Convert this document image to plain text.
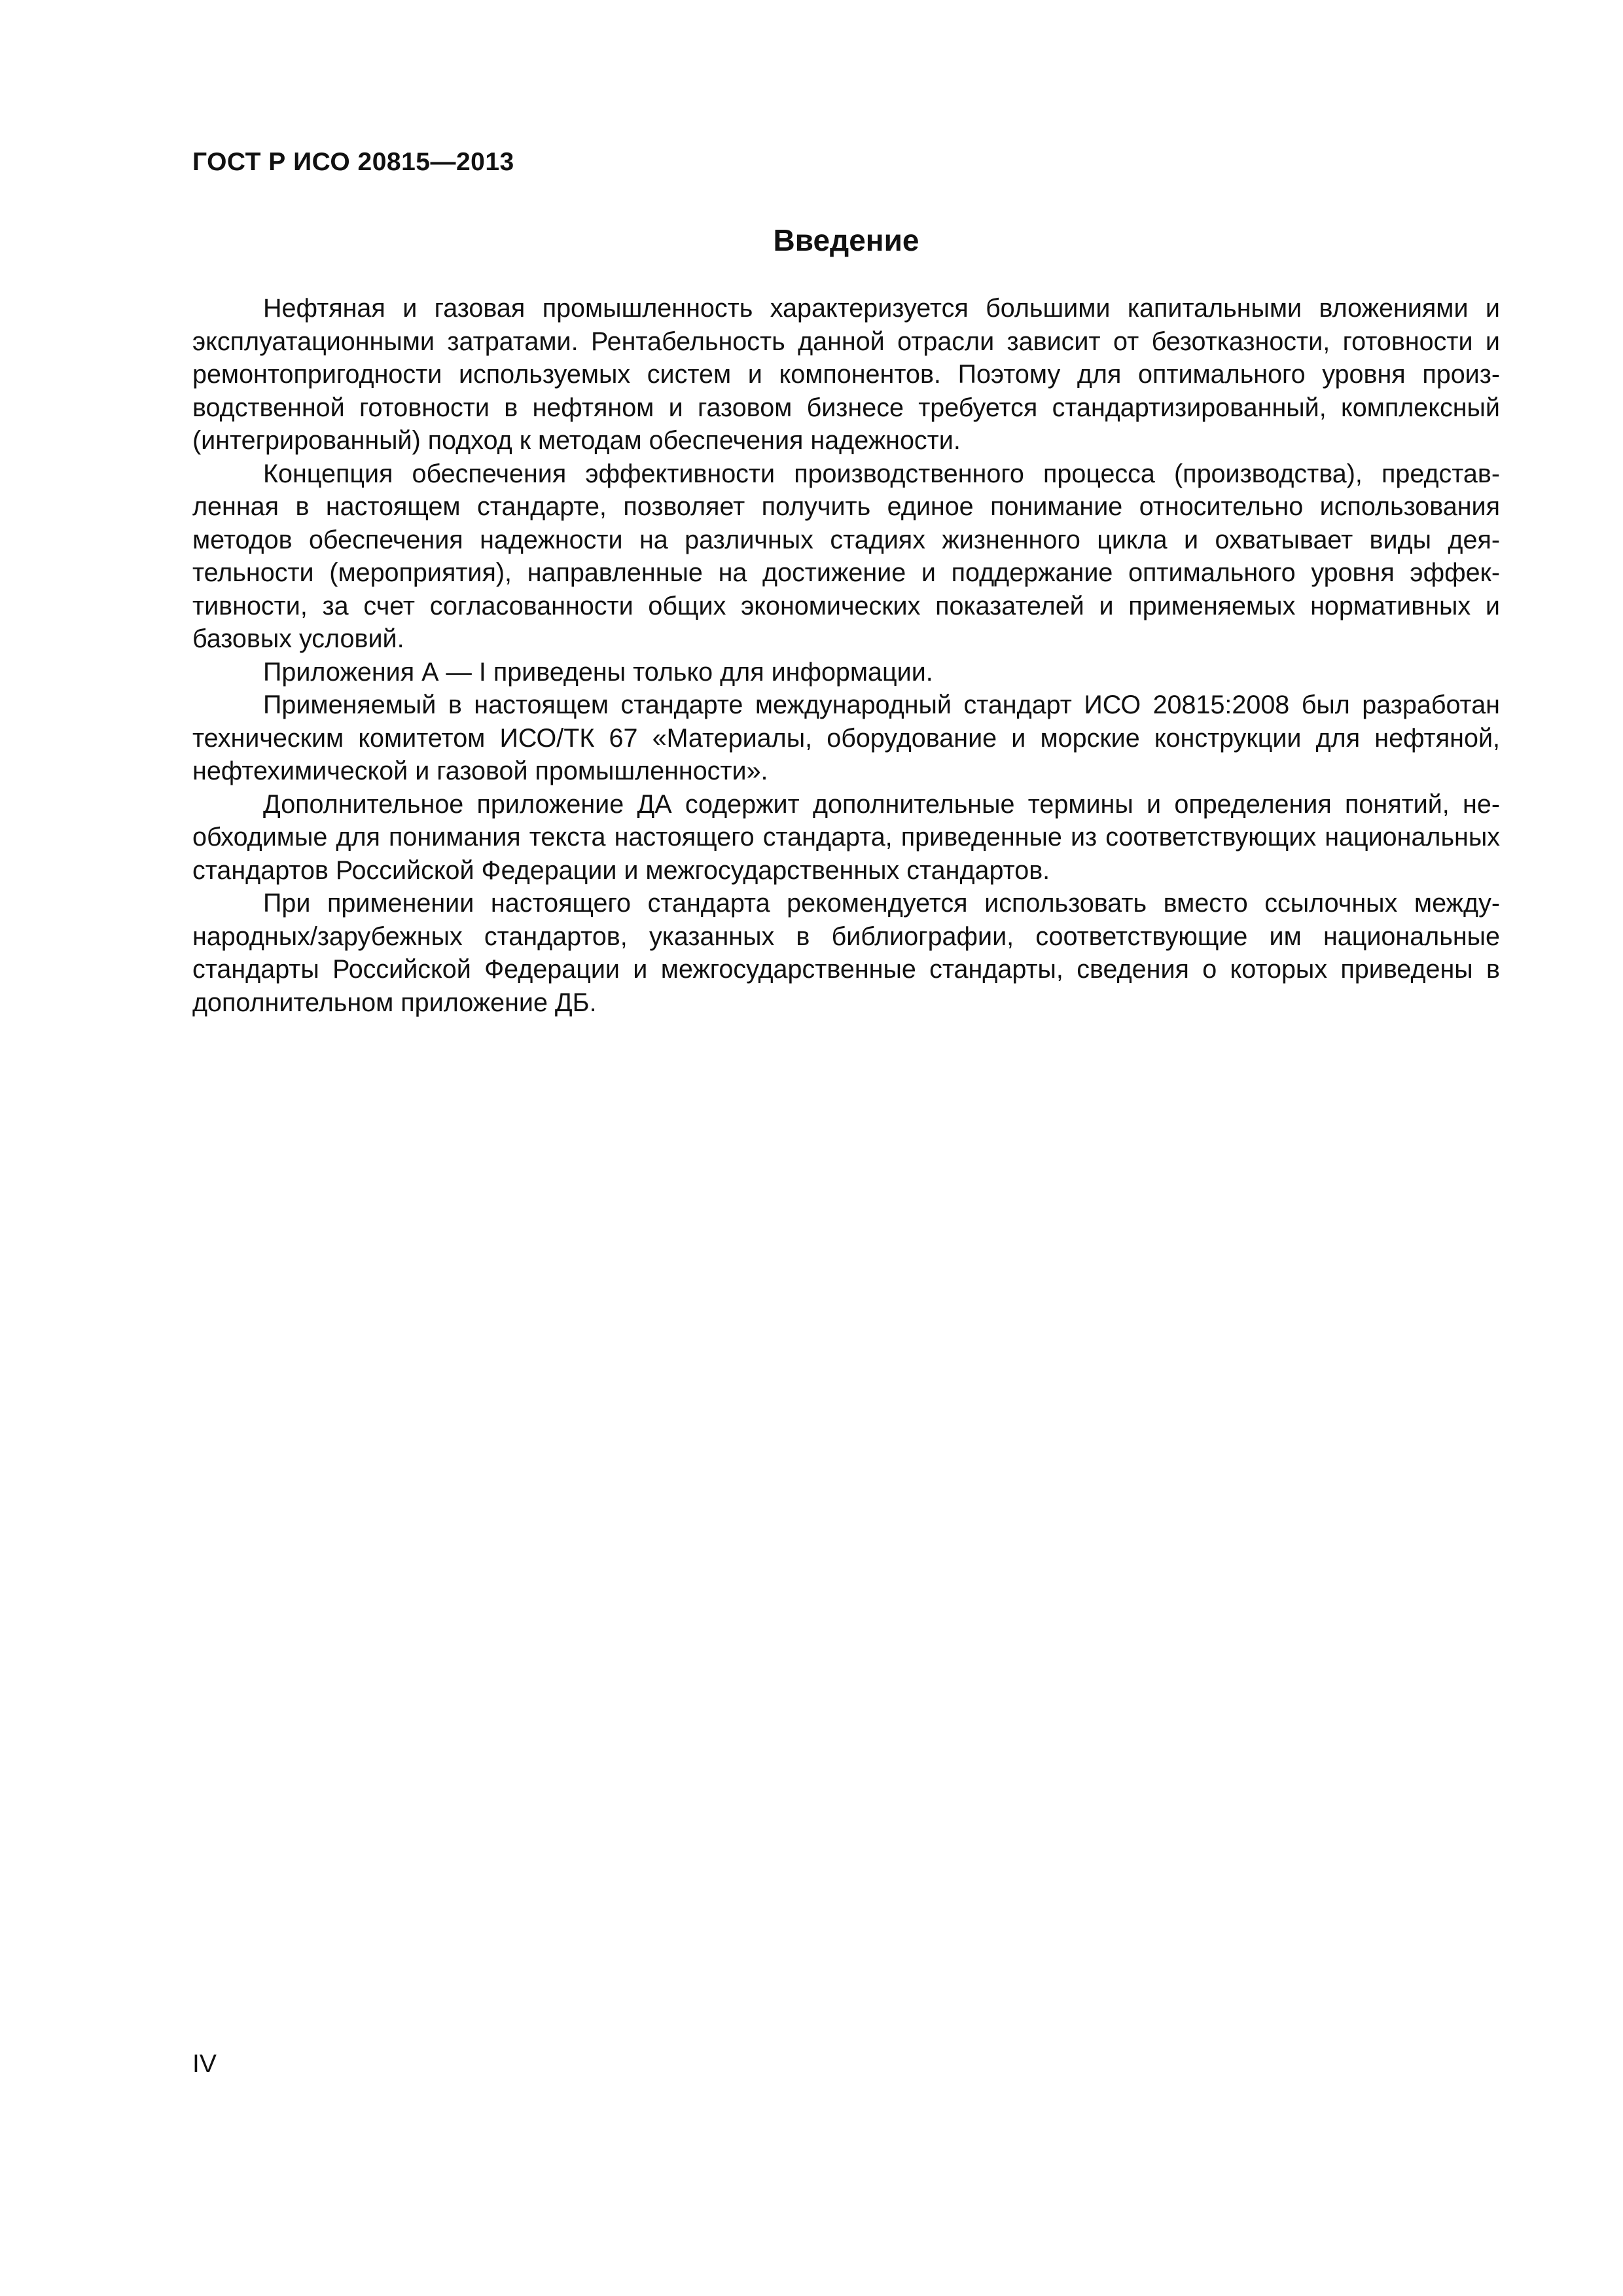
ГОСТ Р ИСО 20815—2013
Введение

Нефтяная и газовая промышленность характеризуется большими капитальными вложениями и эксплуатационными затратами. Рентабельность данной отрасли зависит от безотказности, готовности и ремонтопригодности используемых систем и компонентов. Поэтому для оптимального уровня производственной готовности в нефтяном и газовом бизнесе требуется стандартизированный, комплексный (интегрированный) подход к методам обеспечения надежности.

Концепция обеспечения эффективности производственного процесса (производства), представленная в настоящем стандарте, позволяет получить единое понимание относительно использования методов обеспечения надежности на различных стадиях жизненного цикла и охватывает виды деятельности (мероприятия), направленные на достижение и поддержание оптимального уровня эффективности, за счет согласованности общих экономических показателей и применяемых нормативных и базовых условий.

Приложения А — I приведены только для информации.

Применяемый в настоящем стандарте международный стандарт ИСО 20815:2008 был разработан техническим комитетом ИСО/ТК 67 «Материалы, оборудование и морские конструкции для нефтяной, нефтехимической и газовой промышленности».

Дополнительное приложение ДА содержит дополнительные термины и определения понятий, необходимые для понимания текста настоящего стандарта, приведенные из соответствующих национальных стандартов Российской Федерации и межгосударственных стандартов.

При применении настоящего стандарта рекомендуется использовать вместо ссылочных международных/зарубежных стандартов, указанных в библиографии, соответствующие им национальные стандарты Российской Федерации и межгосударственные стандарты, сведения о которых приведены в дополнительном приложение ДБ.

IV
